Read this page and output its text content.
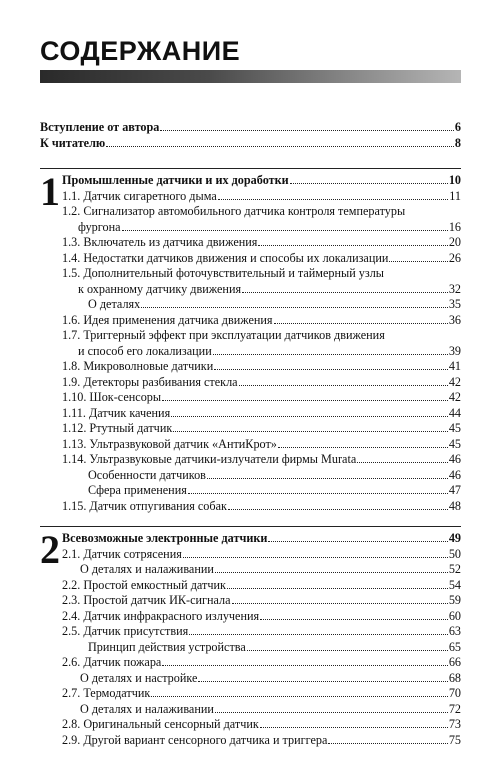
СОДЕРЖАНИЕ
Вступление от автора	6
К читателю	8
1 Промышленные датчики и их доработки	10
1.1. Датчик сигаретного дыма	11
1.2. Сигнализатор автомобильного датчика контроля температуры
фургона	16
1.3. Включатель из датчика движения	20
1.4. Недостатки датчиков движения и способы их локализации	26
1.5. Дополнительный фоточувствительный и таймерный узлы
к охранному датчику движения	32
О деталях	35
1.6. Идея применения датчика движения	36
1.7. Триггерный эффект при эксплуатации датчиков движения
и способ его локализации	39
1.8. Микроволновые датчики	41
1.9. Детекторы разбивания стекла	42
1.10. Шок-сенсоры	42
1.11. Датчик качения	44
1.12. Ртутный датчик	45
1.13. Ультразвуковой датчик «АнтиКрот»	45
1.14. Ультразвуковые датчики-излучатели фирмы Murata	46
Особенности датчиков	46
Сфера применения	47
1.15. Датчик отпугивания собак	48
2 Всевозможные электронные датчики	49
2.1. Датчик сотрясения	50
О деталях и налаживании	52
2.2. Простой емкостный датчик	54
2.3. Простой датчик ИК-сигнала	59
2.4. Датчик инфракрасного излучения	60
2.5. Датчик присутствия	63
Принцип действия устройства	65
2.6. Датчик пожара	66
О деталях и настройке	68
2.7. Термодатчик	70
О деталях и налаживании	72
2.8. Оригинальный сенсорный датчик	73
2.9. Другой вариант сенсорного датчика и триггера	75
